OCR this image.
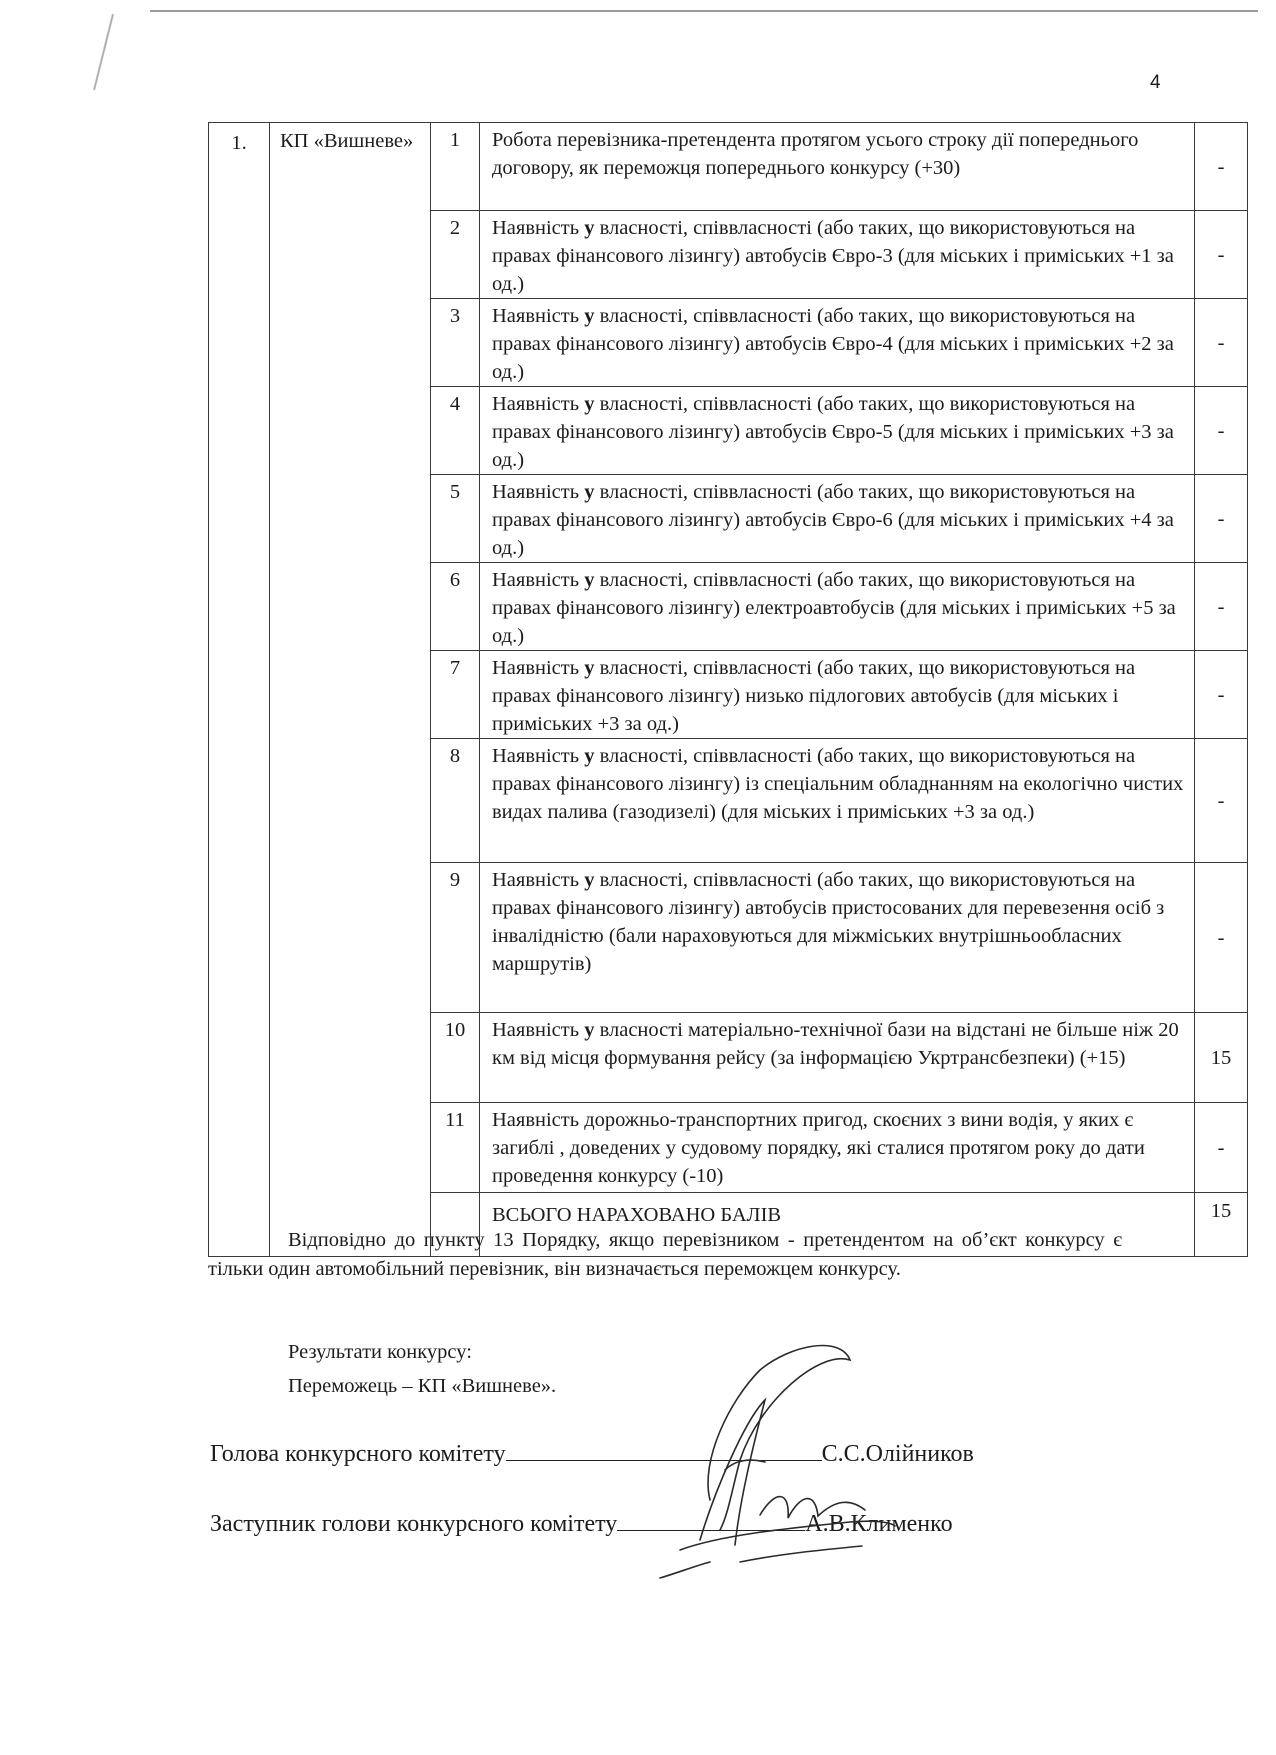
4
1.	КП «Вишневе»	1	Робота перевізника-претендента протягом усього строку дії попереднього договору, як переможця попереднього конкурсу (+30)	-
		2	Наявність у власності, співвласності (або таких, що використовуються на правах фінансового лізингу) автобусів Євро-3 (для міських і приміських +1 за од.)	-
		3	Наявність у власності, співвласності (або таких, що використовуються на правах фінансового лізингу) автобусів Євро-4 (для міських і приміських +2 за од.)	-
		4	Наявність у власності, співвласності (або таких, що використовуються на правах фінансового лізингу) автобусів Євро-5 (для міських і приміських +3 за од.)	-
		5	Наявність у власності, співвласності (або таких, що використовуються на правах фінансового лізингу) автобусів Євро-6 (для міських і приміських +4 за од.)	-
		6	Наявність у власності, співвласності (або таких, що використовуються на правах фінансового лізингу) електроавтобусів (для міських і приміських +5 за од.)	-
		7	Наявність у власності, співвласності (або таких, що використовуються на правах фінансового лізингу) низько підлогових автобусів (для міських і приміських +3 за од.)	-
		8	Наявність у власності, співвласності (або таких, що використовуються на правах фінансового лізингу) із спеціальним обладнанням на екологічно чистих видах палива (газодизелі) (для міських і приміських +3 за од.)	-
		9	Наявність у власності, співвласності (або таких, що використовуються на правах фінансового лізингу) автобусів пристосованих для перевезення осіб з інвалідністю (бали нараховуються для міжміських внутрішньообласних маршрутів)	-
		10	Наявність у власності матеріально-технічної бази на відстані не більше ніж 20 км від місця формування рейсу (за інформацією Укртрансбезпеки) (+15)	15
		11	Наявність дорожньо-транспортних пригод, скоєних з вини водія, у яких є загиблі , доведених у судовому порядку, які сталися протягом року до дати проведення конкурсу (-10)	-
			ВСЬОГО НАРАХОВАНО БАЛІВ	15

Відповідно до пункту 13 Порядку, якщо перевізником - претендентом на об’єкт конкурсу є тільки один автомобільний перевізник, він визначається переможцем конкурсу.

Результати конкурсу:
Переможець – КП «Вишневе».
Голова конкурсного комітету	С.С.Олійников
Заступник голови конкурсного комітету	А.В.Клименко
